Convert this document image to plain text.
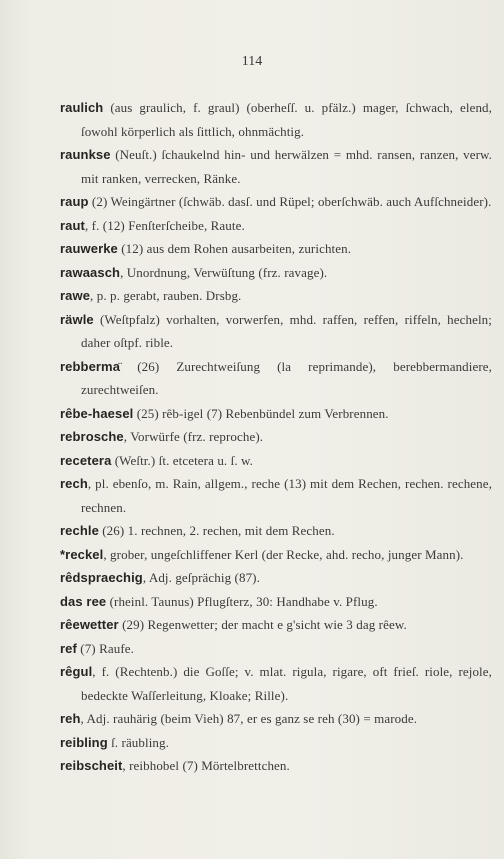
114
raulich (aus graulich, f. graul) (oberheſſ. u. pfälz.) mager, ſchwach, elend, ſowohl körperlich als ſittlich, ohnmächtig.
raunkse (Neuſt.) ſchaukelnd hin- und herwälzen = mhd. ransen, ranzen, verw. mit ranken, verrecken, Ränke.
raup (2) Weingärtner (ſchwäb. dasſ. und Rüpel; oberſchwäb. auch Aufſchneider).
raut, f. (12) Fenſterſcheibe, Raute.
rauwerke (12) aus dem Rohen ausarbeiten, zurichten.
rawaasch, Unordnung, Verwüſtung (frz. ravage).
rawe, p. p. gerabt, rauben. Drsbg.
räwle (Weſtpfalz) vorhalten, vorwerfen, mhd. raffen, reffen, riffeln, hecheln; daher oſtpf. rible.
rebbermä (26) Zurechtweiſung (la reprimande), berebbermandiere, zurechtweiſen.
rêbe-haesel (25) rêb-igel (7) Rebenbündel zum Verbrennen.
rebrosche, Vorwürfe (frz. reproche).
recetera (Weſtr.) ſt. etcetera u. ſ. w.
rech, pl. ebenſo, m. Rain, allgem., reche (13) mit dem Rechen, rechen. rechene, rechnen.
rechle (26) 1. rechnen, 2. rechen, mit dem Rechen.
*reckel, grober, ungeſchliffener Kerl (der Recke, ahd. recho, junger Mann).
rêdspraechig, Adj. geſprächig (87).
das ree (rheinl. Taunus) Pflugſterz, 30: Handhabe v. Pflug.
rêewetter (29) Regenwetter; der macht e g'sicht wie 3 dag rêew.
ref (7) Raufe.
rêgul, f. (Rechtenb.) die Goſſe; v. mlat. rigula, rigare, oft frieſ. riole, rejole, bedeckte Waſſerleitung, Kloake; Rille).
reh, Adj. rauhärig (beim Vieh) 87, er es ganz se reh (30) = marode.
reibling ſ. räubling.
reibscheit, reibhobel (7) Mörtelbrettchen.
